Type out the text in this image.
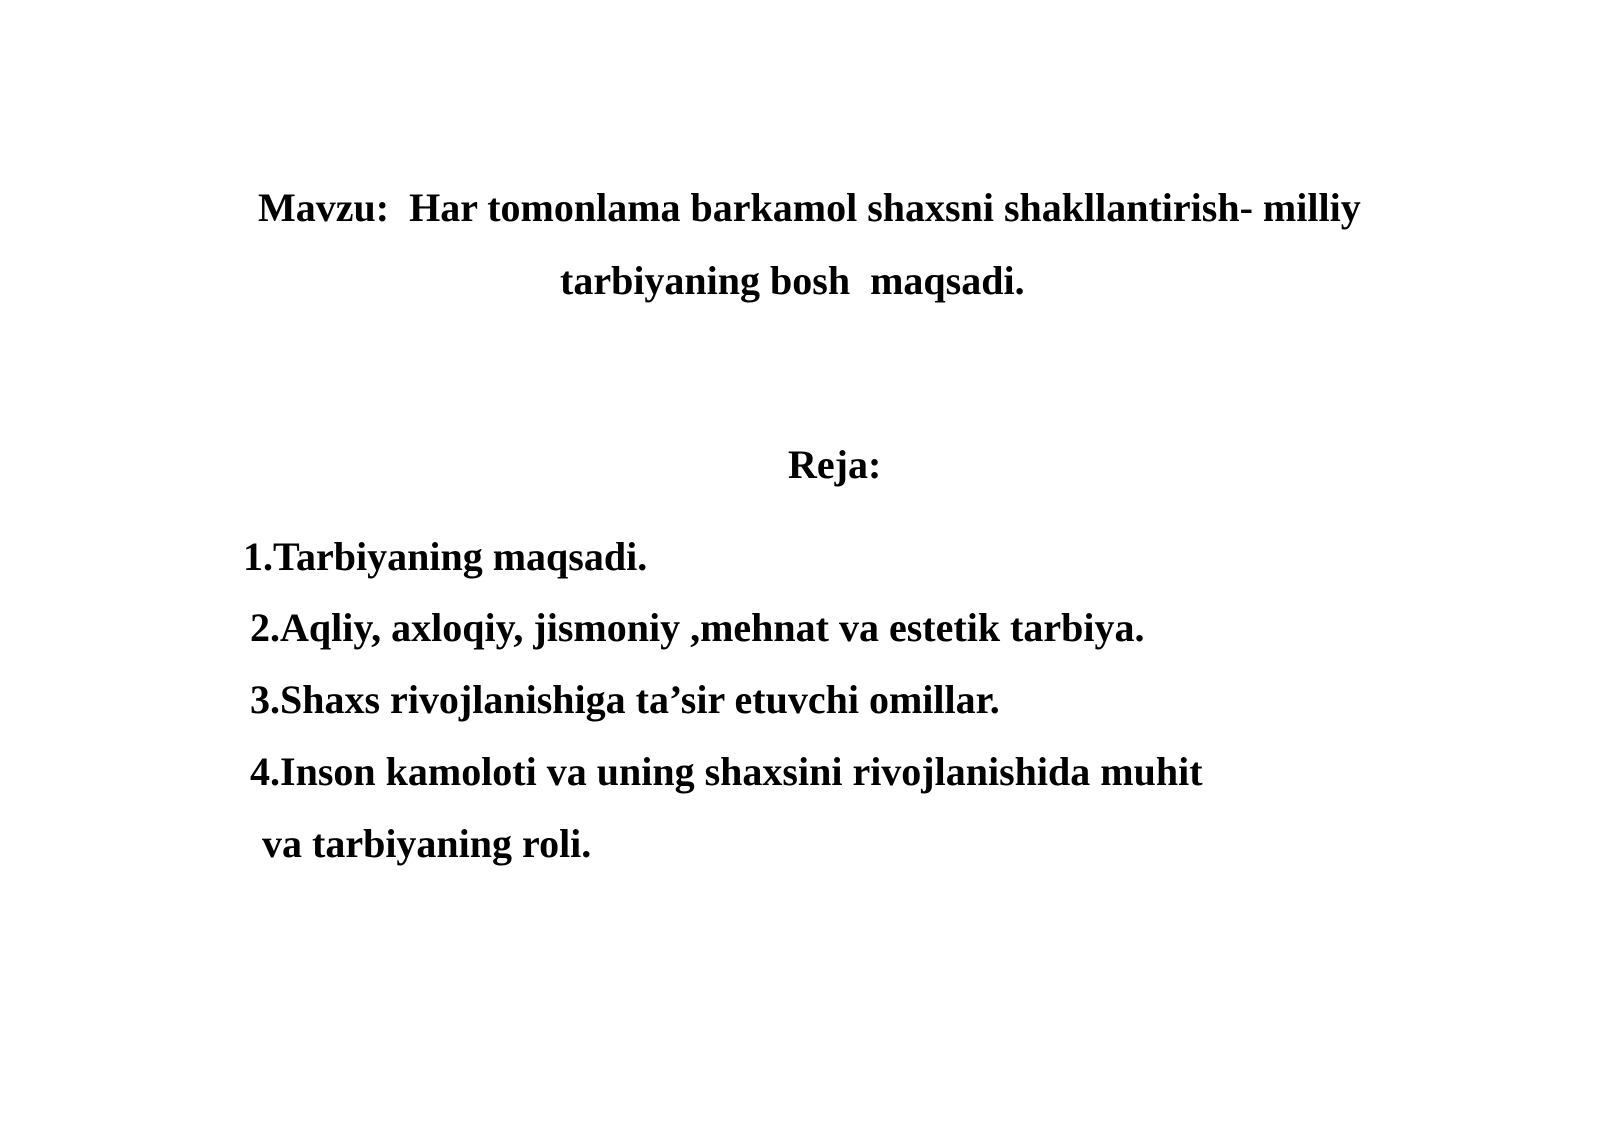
Mavzu:  Har tomonlama barkamol shaxsni shakllantirish- milliy

tarbiyaning bosh  maqsadi.

Reja:

1.Tarbiyaning maqsadi.

2.Aqliy, axloqiy, jismoniy ,mehnat va estetik tarbiya.

3.Shaxs rivojlanishiga ta’sir etuvchi omillar.

4.Inson kamoloti va uning shaxsini rivojlanishida muhit

va tarbiyaning roli.
